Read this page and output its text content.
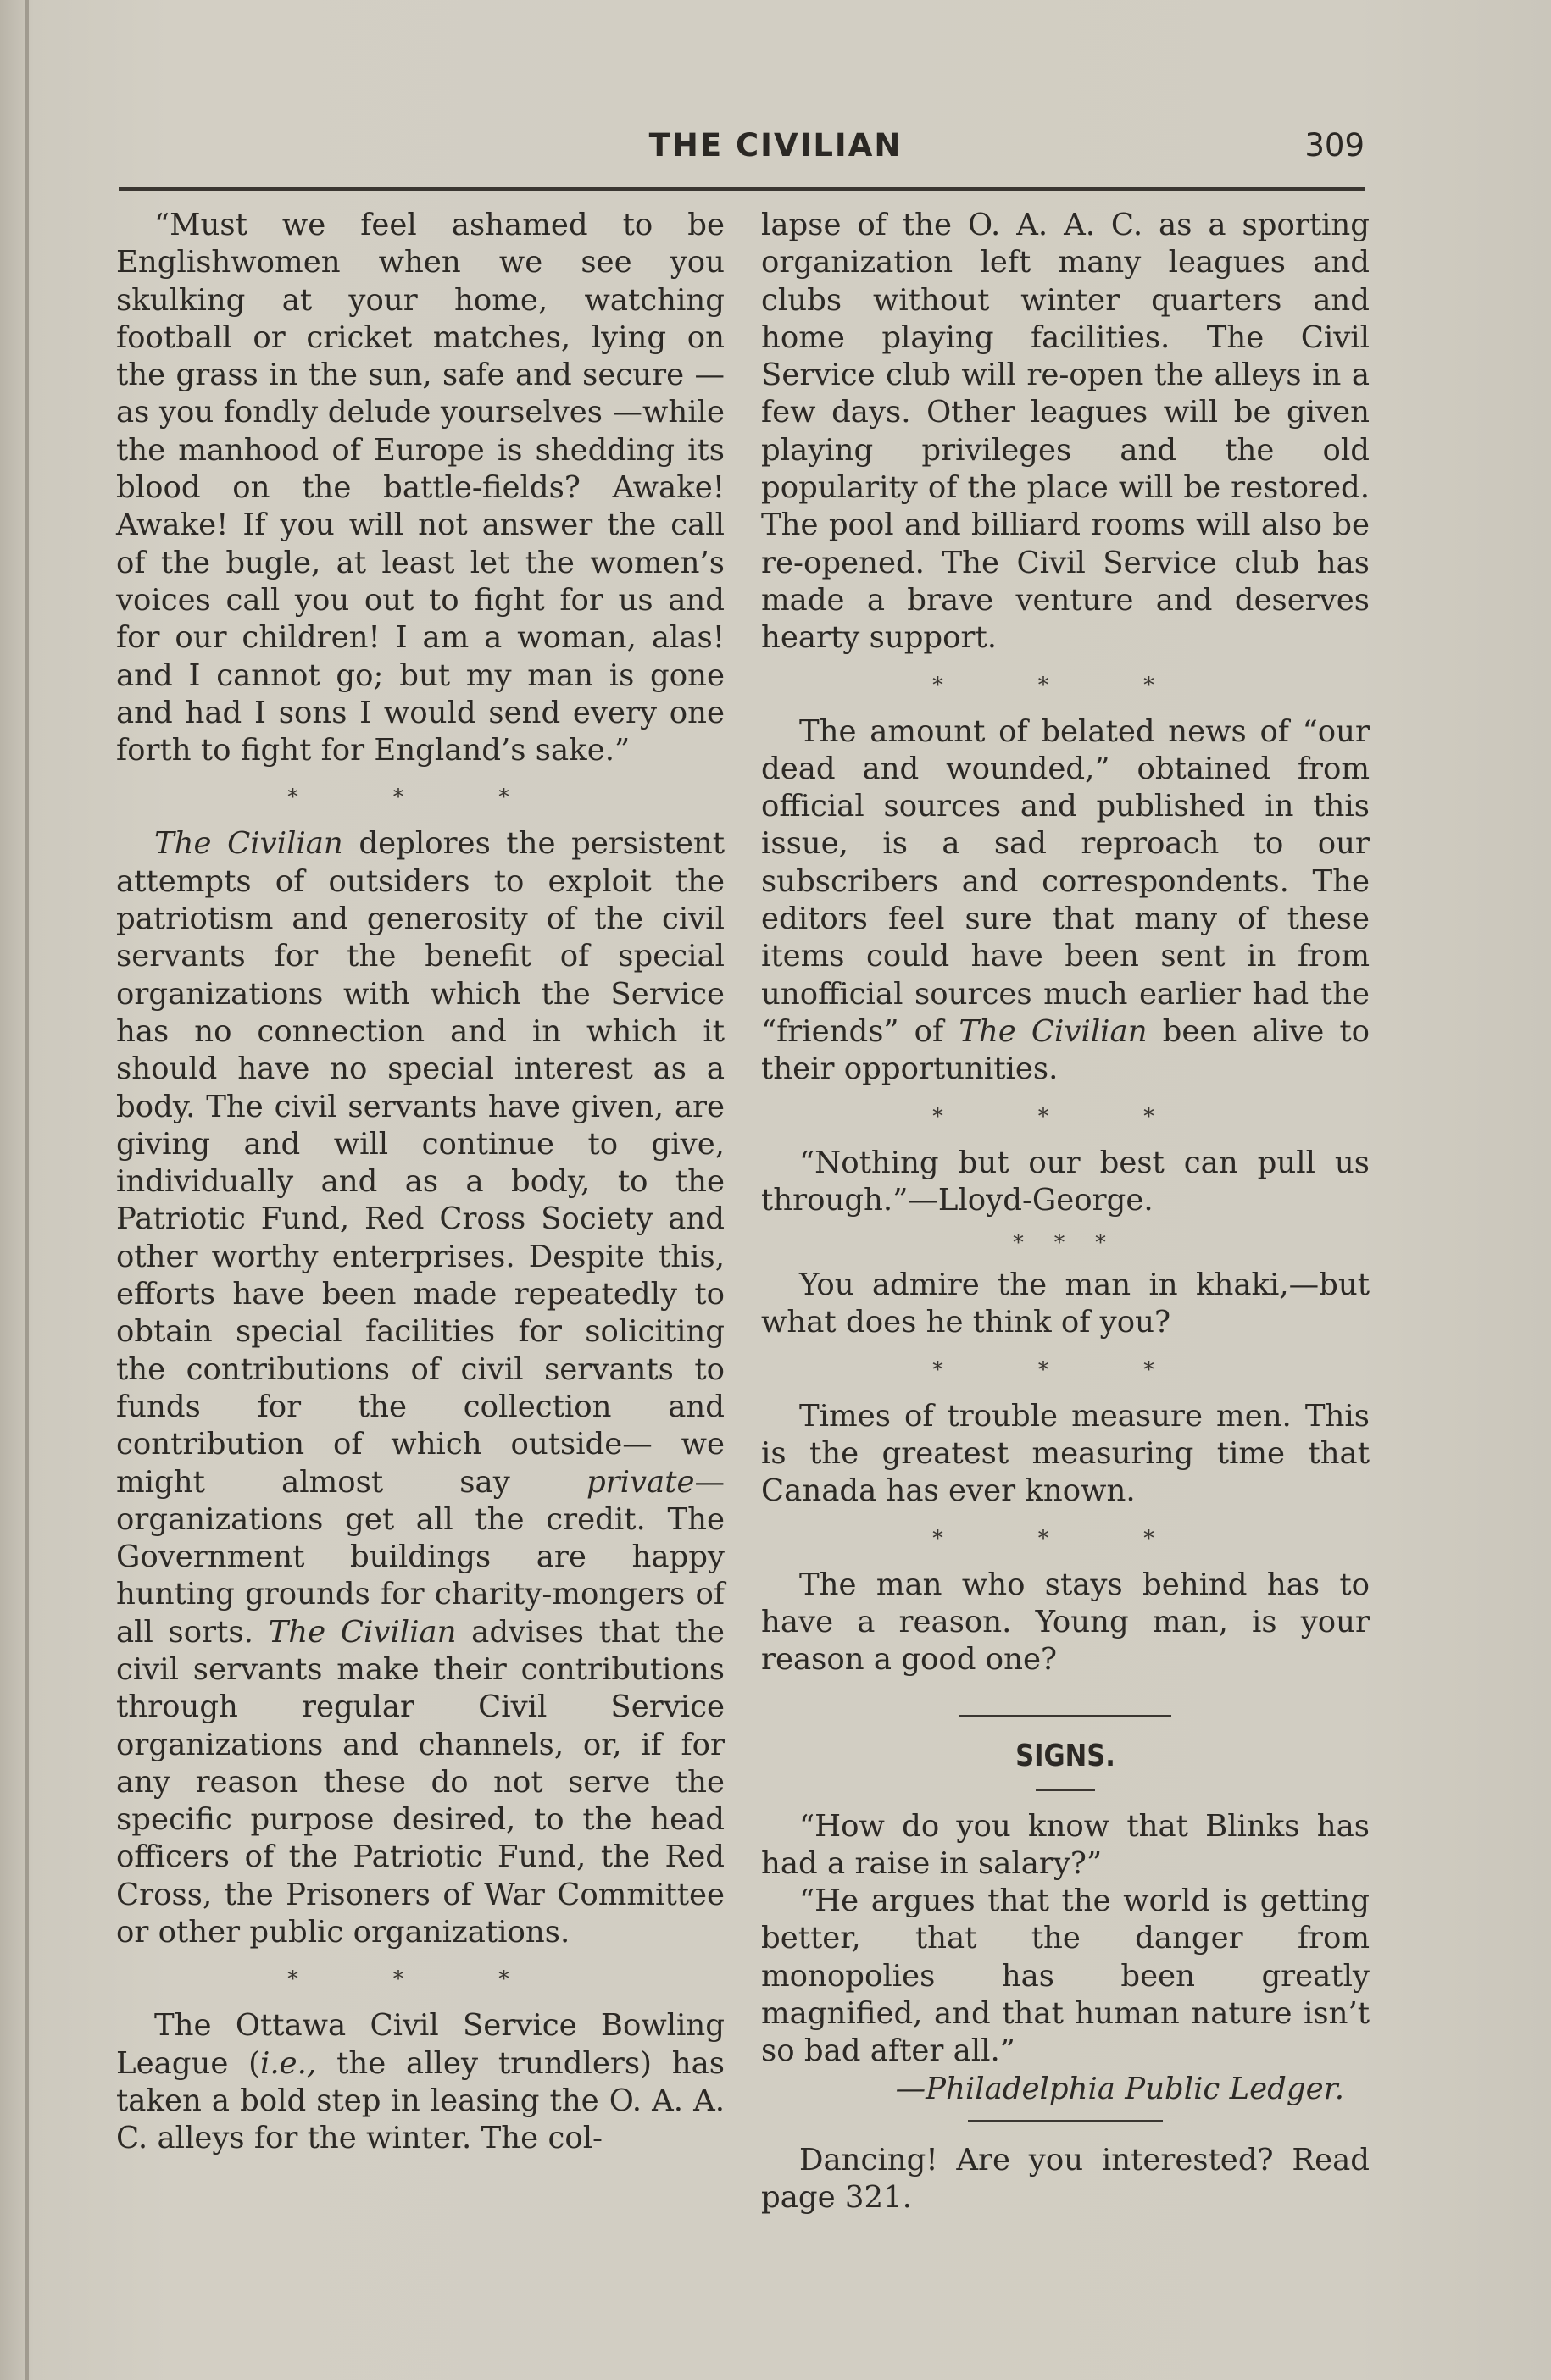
THE CIVILIAN	309

“Must we feel ashamed to be Englishwomen when we see you skulking at your home, watching football or cricket matches, lying on the grass in the sun, safe and secure —as you fondly delude yourselves —while the manhood of Europe is shedding its blood on the battle-fields? Awake! Awake! If you will not answer the call of the bugle, at least let the women’s voices call you out to fight for us and for our children! I am a woman, alas! and I cannot go; but my man is gone and had I sons I would send every one forth to fight for England’s sake.”

* * *

The Civilian deplores the persistent attempts of outsiders to exploit the patriotism and generosity of the civil servants for the benefit of special organizations with which the Service has no connection and in which it should have no special interest as a body. The civil servants have given, are giving and will continue to give, individually and as a body, to the Patriotic Fund, Red Cross Society and other worthy enterprises. Despite this, efforts have been made repeatedly to obtain special facilities for soliciting the contributions of civil servants to funds for the collection and contribution of which outside— we might almost say private—organizations get all the credit. The Government buildings are happy hunting grounds for charity-mongers of all sorts. The Civilian advises that the civil servants make their contributions through regular Civil Service organizations and channels, or, if for any reason these do not serve the specific purpose desired, to the head officers of the Patriotic Fund, the Red Cross, the Prisoners of War Committee or other public organizations.

* * *

The Ottawa Civil Service Bowling League (i.e., the alley trundlers) has taken a bold step in leasing the O. A. A. C. alleys for the winter. The col-

lapse of the O. A. A. C. as a sporting organization left many leagues and clubs without winter quarters and home playing facilities. The Civil Service club will re-open the alleys in a few days. Other leagues will be given playing privileges and the old popularity of the place will be restored. The pool and billiard rooms will also be re-opened. The Civil Service club has made a brave venture and deserves hearty support.

* * *

The amount of belated news of “our dead and wounded,” obtained from official sources and published in this issue, is a sad reproach to our subscribers and correspondents. The editors feel sure that many of these items could have been sent in from unofficial sources much earlier had the “friends” of The Civilian been alive to their opportunities.

* * *

“Nothing but our best can pull us through.”—Lloyd-George.

* * *

You admire the man in khaki,—but what does he think of you?

* * *

Times of trouble measure men. This is the greatest measuring time that Canada has ever known.

* * *

The man who stays behind has to have a reason. Young man, is your reason a good one?

SIGNS.

“How do you know that Blinks has had a raise in salary?”

“He argues that the world is getting better, that the danger from monopolies has been greatly magnified, and that human nature isn’t so bad after all.”

—Philadelphia Public Ledger.

Dancing! Are you interested? Read page 321.
